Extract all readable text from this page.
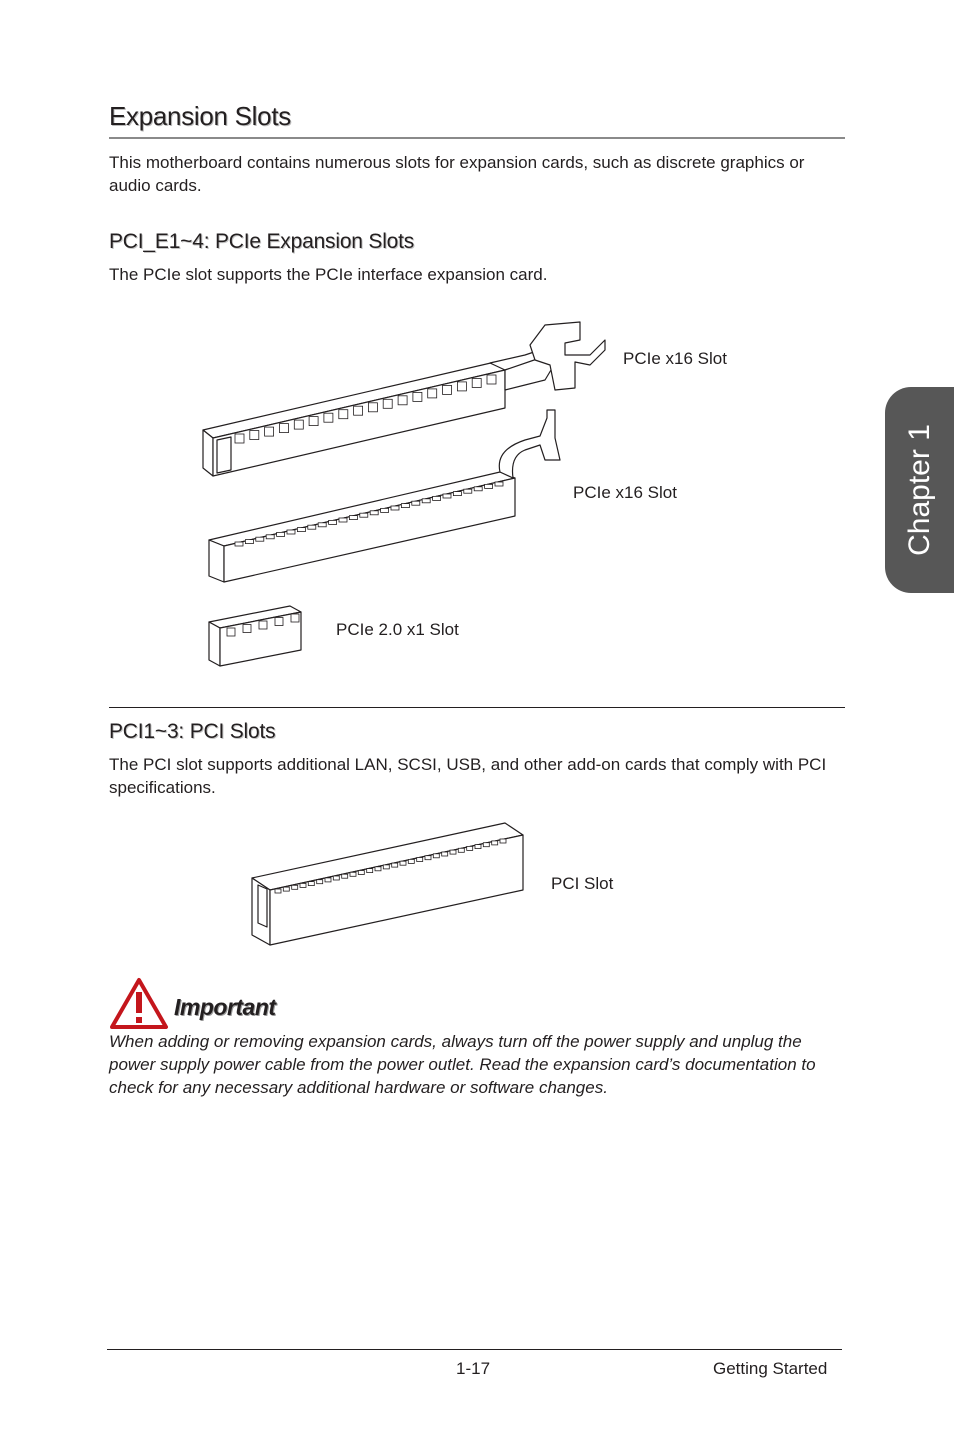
Expansion Slots
This motherboard contains numerous slots for expansion cards, such as discrete graphics or audio cards.
Chapter 1
PCI_E1~4: PCIe Expansion Slots
The PCIe slot supports the PCIe interface expansion card.
PCIe x16 Slot
PCIe x16 Slot
PCIe 2.0 x1 Slot
PCI1~3: PCI Slots
The PCI slot supports additional LAN, SCSI, USB, and other add-on cards that comply with PCI specifications.
PCI Slot
Important
When adding or removing expansion cards, always turn off the power supply and unplug the power supply power cable from the power outlet. Read the expansion card’s documentation to check for any necessary additional hardware or software changes.
1-17	Getting Started
